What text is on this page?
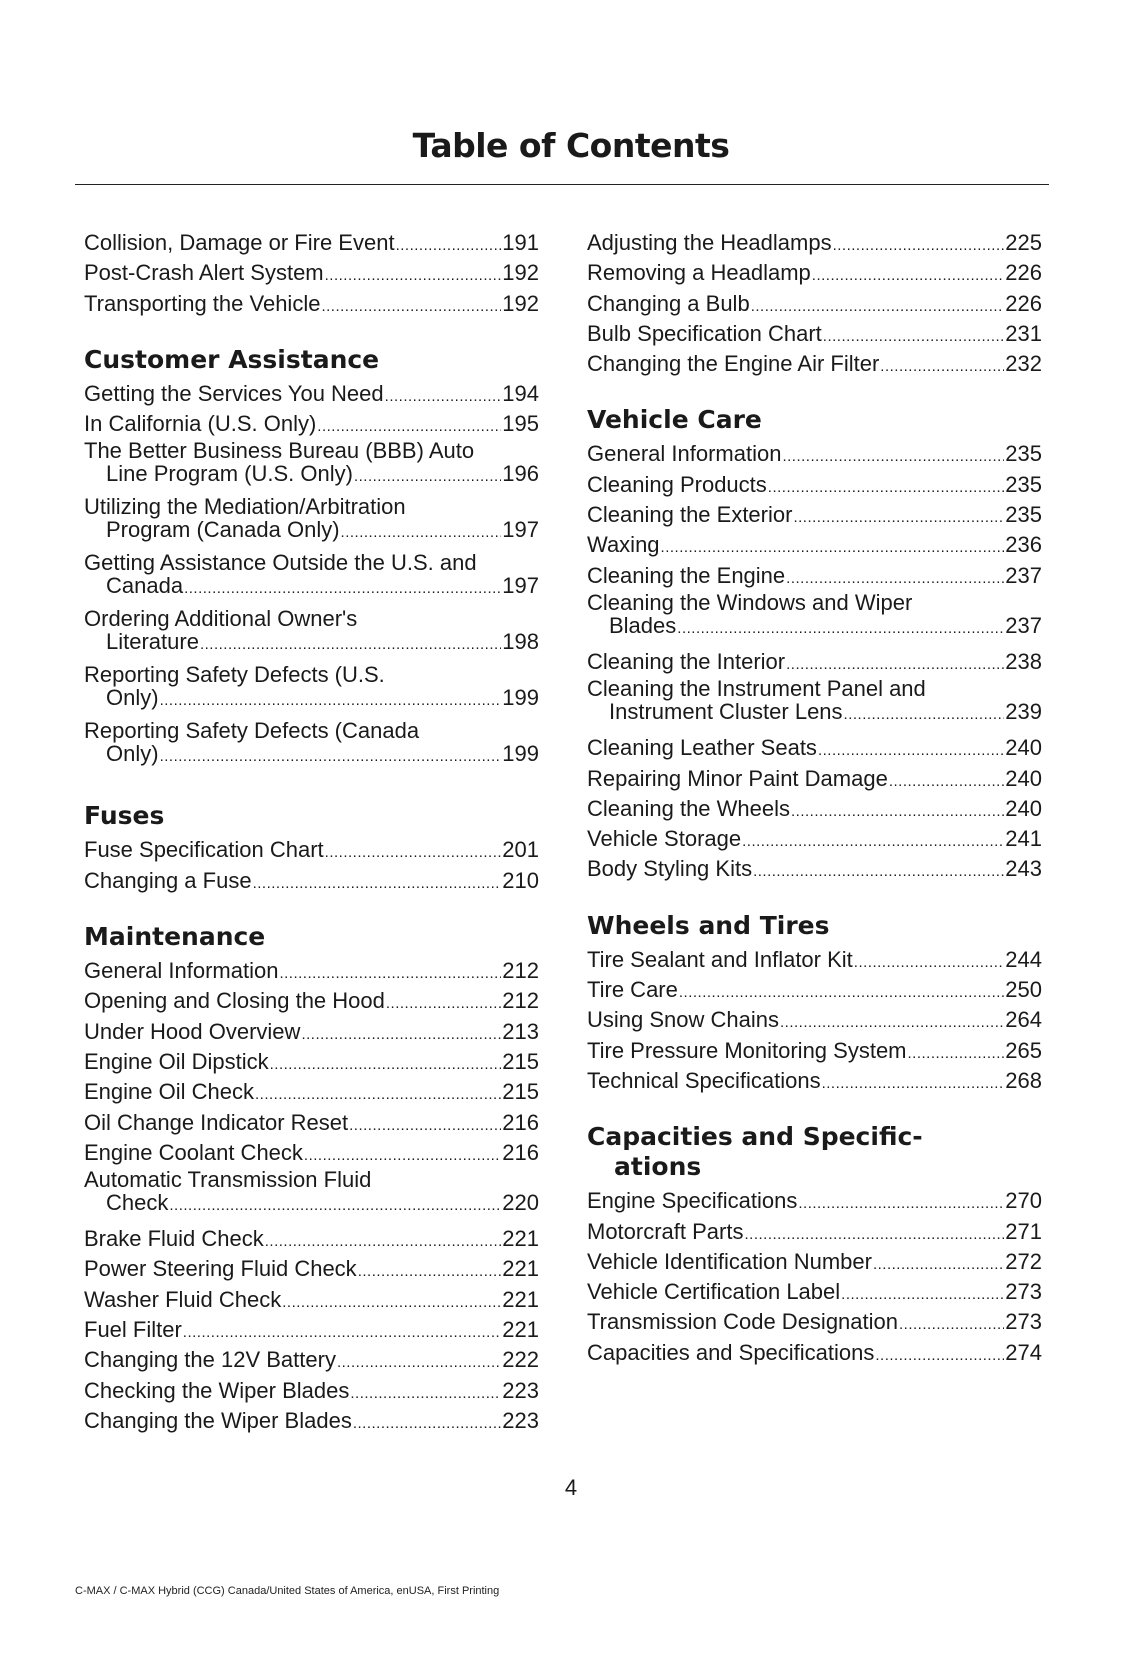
Table of Contents
Collision, Damage or Fire Event .....	191
Post-Crash Alert System .....	192
Transporting the Vehicle .....	192
Customer Assistance
Getting the Services You Need .....	194
In California (U.S. Only) .....	195
The Better Business Bureau (BBB) Auto
Line Program (U.S. Only) .....	196
Utilizing the Mediation/Arbitration
Program (Canada Only) .....	197
Getting Assistance Outside the U.S. and
Canada .....	197
Ordering Additional Owner's
Literature .....	198
Reporting Safety Defects (U.S.
Only) .....	199
Reporting Safety Defects (Canada
Only) .....	199
Fuses
Fuse Specification Chart .....	201
Changing a Fuse .....	210
Maintenance
General Information .....	212
Opening and Closing the Hood .....	212
Under Hood Overview .....	213
Engine Oil Dipstick .....	215
Engine Oil Check .....	215
Oil Change Indicator Reset .....	216
Engine Coolant Check .....	216
Automatic Transmission Fluid
Check .....	220
Brake Fluid Check .....	221
Power Steering Fluid Check .....	221
Washer Fluid Check .....	221
Fuel Filter .....	221
Changing the 12V Battery .....	222
Checking the Wiper Blades .....	223
Changing the Wiper Blades .....	223
Adjusting the Headlamps .....	225
Removing a Headlamp .....	226
Changing a Bulb .....	226
Bulb Specification Chart .....	231
Changing the Engine Air Filter .....	232
Vehicle Care
General Information .....	235
Cleaning Products .....	235
Cleaning the Exterior .....	235
Waxing .....	236
Cleaning the Engine .....	237
Cleaning the Windows and Wiper
Blades .....	237
Cleaning the Interior .....	238
Cleaning the Instrument Panel and
Instrument Cluster Lens .....	239
Cleaning Leather Seats .....	240
Repairing Minor Paint Damage .....	240
Cleaning the Wheels .....	240
Vehicle Storage .....	241
Body Styling Kits .....	243
Wheels and Tires
Tire Sealant and Inflator Kit .....	244
Tire Care .....	250
Using Snow Chains .....	264
Tire Pressure Monitoring System .....	265
Technical Specifications .....	268
Capacities and Specific-
ations
Engine Specifications .....	270
Motorcraft Parts .....	271
Vehicle Identification Number .....	272
Vehicle Certification Label .....	273
Transmission Code Designation .....	273
Capacities and Specifications .....	274
4
C-MAX / C-MAX Hybrid (CCG) Canada/United States of America, enUSA, First Printing
